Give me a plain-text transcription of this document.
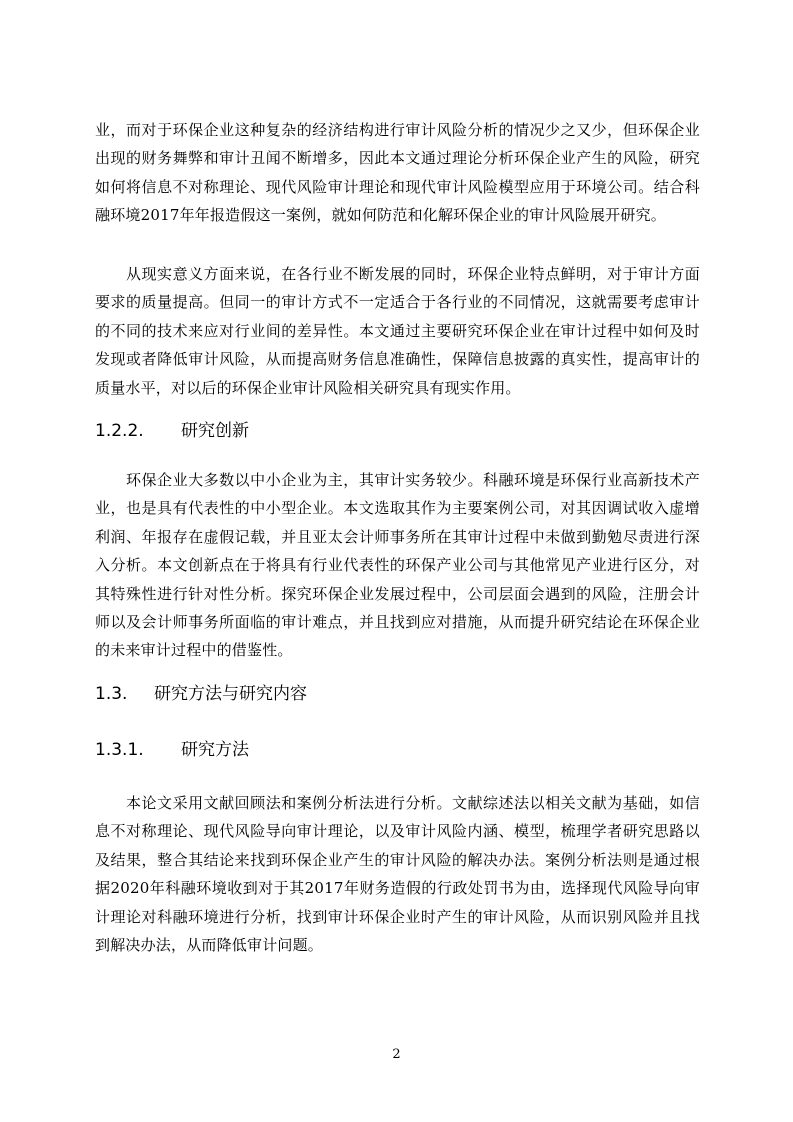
业，而对于环保企业这种复杂的经济结构进行审计风险分析的情况少之又少，但环保企业出现的财务舞弊和审计丑闻不断增多，因此本文通过理论分析环保企业产生的风险，研究如何将信息不对称理论、现代风险审计理论和现代审计风险模型应用于环境公司。结合科融环境2017年年报造假这一案例，就如何防范和化解环保企业的审计风险展开研究。

从现实意义方面来说，在各行业不断发展的同时，环保企业特点鲜明，对于审计方面要求的质量提高。但同一的审计方式不一定适合于各行业的不同情况，这就需要考虑审计的不同的技术来应对行业间的差异性。本文通过主要研究环保企业在审计过程中如何及时发现或者降低审计风险，从而提高财务信息准确性，保障信息披露的真实性，提高审计的质量水平，对以后的环保企业审计风险相关研究具有现实作用。

1.2.2. 研究创新

环保企业大多数以中小企业为主，其审计实务较少。科融环境是环保行业高新技术产业，也是具有代表性的中小型企业。本文选取其作为主要案例公司，对其因调试收入虚增利润、年报存在虚假记载，并且亚太会计师事务所在其审计过程中未做到勤勉尽责进行深入分析。本文创新点在于将具有行业代表性的环保产业公司与其他常见产业进行区分，对其特殊性进行针对性分析。探究环保企业发展过程中，公司层面会遇到的风险，注册会计师以及会计师事务所面临的审计难点，并且找到应对措施，从而提升研究结论在环保企业的未来审计过程中的借鉴性。

1.3. 研究方法与研究内容
1.3.1. 研究方法

本论文采用文献回顾法和案例分析法进行分析。文献综述法以相关文献为基础，如信息不对称理论、现代风险导向审计理论，以及审计风险内涵、模型，梳理学者研究思路以及结果，整合其结论来找到环保企业产生的审计风险的解决办法。案例分析法则是通过根据2020年科融环境收到对于其2017年财务造假的行政处罚书为由，选择现代风险导向审计理论对科融环境进行分析，找到审计环保企业时产生的审计风险，从而识别风险并且找到解决办法，从而降低审计问题。

2
